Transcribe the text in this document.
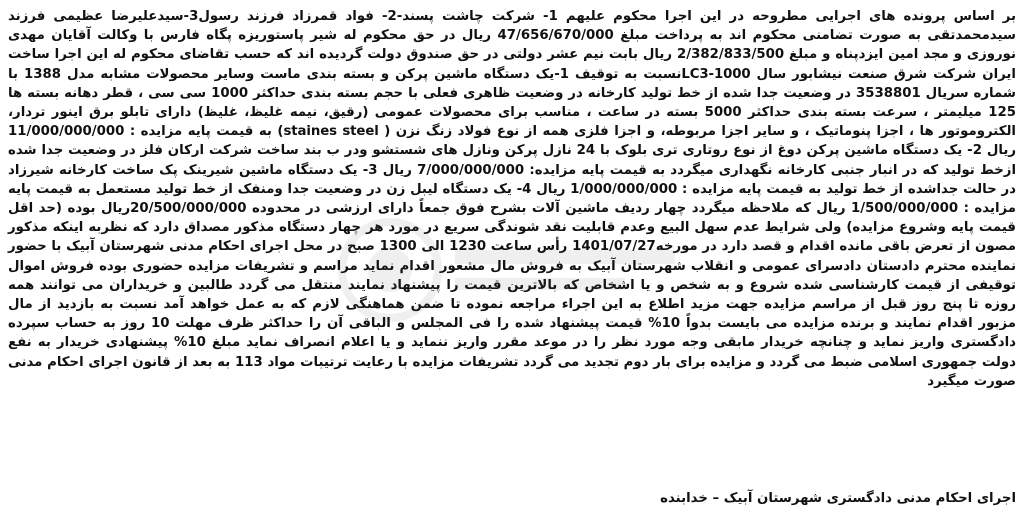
بر اساس پرونده های اجرایی مطروحه در این اجرا محکوم علیهم 1- شرکت چاشت پسند-2- فواد قمرزاد فرزند رسول3-سیدعلیرضا عظیمی فرزند سیدمحمدتقی به صورت تضامنی محکوم اند به پرداخت مبلغ 47/656/670/000 ریال در حق محکوم له شیر پاستوریزه پگاه فارس با وکالت آقایان مهدی نوروزی و مجد امین ایزدپناه و مبلغ 2/382/833/500 ریال بابت نیم عشر دولتی در حق صندوق دولت گردیده اند که حسب تقاضای محکوم له این اجرا ساخت ایران شرکت شرق صنعت نیشابور سال LC3-1000نسبت به توقیف 1-یک دستگاه ماشین پرکن و بسته بندی ماست وسایر محصولات مشابه مدل 1388 با شماره سریال 3538801 در وضعیت جدا شده از خط تولید کارخانه در وضعیت ظاهری فعلی با حجم بسته بندی حداکثر 1000 سی سی ، قطر دهانه بسته ها 125 میلیمتر ، سرعت بسته بندی حداکثر 5000 بسته در ساعت ، مناسب برای محصولات عمومی (رقیق، نیمه غلیظ، غلیظ) دارای تابلو برق اینور تردار، الکتروموتور ها ، اجزا پنوماتیک ، و سایر اجزا مربوطه، و اجزا فلزی همه از نوع فولاد زنگ نزن ( staines steel) به قیمت پایه مزایده : 11/000/000/000 ریال 2- یک دستگاه ماشین پرکن دوغ از نوع روتاری تری بلوک با 24 نازل پرکن ونازل های شستشو ودر ب بند ساخت شرکت ارکان فلز در وضعیت جدا شده ازخط تولید که در انبار جنبی کارخانه نگهداری میگردد به قیمت پایه مزایده: 7/000/000/000 ریال 3- یک دستگاه ماشین شیرینک پک ساخت کارخانه شیرزاد در حالت جداشده از خط تولید به قیمت پایه مزایده : 1/000/000/000 ریال 4- یک دستگاه لیبل زن در وضعیت جدا ومنفک از خط تولید مستعمل به قیمت پایه مزایده : 1/500/000/000 ریال که ملاحظه میگردد چهار ردیف ماشین آلات بشرح فوق جمعاً دارای ارزشی در محدوده 20/500/000/000ریال بوده (حد اقل قیمت پایه وشروع مزایده) ولی شرایط عدم سهل البیع وعدم قابلیت نقد شوندگی سریع در مورد هر چهار دستگاه مذکور مصداق دارد که نظربه اینکه مذکور مصون از تعرض باقی مانده اقدام و قصد دارد در مورخه1401/07/27 رأس ساعت 1230 الی 1300 صبح در محل اجرای احکام مدنی شهرستان آبیک با حضور نماینده محترم دادستان دادسرای عمومی و انقلاب شهرستان آبیک به فروش مال مشعور اقدام نماید مراسم و تشریفات مزایده حضوری بوده فروش اموال توقیفی از قیمت کارشناسی شده شروع و به شخص و یا اشخاص که بالاترین قیمت را پیشنهاد نمایند منتقل می گردد طالبین و خریداران می توانند همه روزه تا پنج روز قبل از مراسم مزایده جهت مزید اطلاع به این اجراء مراجعه نموده تا ضمن هماهنگی لازم که به عمل خواهد آمد نسبت به بازدید از مال مزبور اقدام نمایند و برنده مزایده می بایست بدواً 10% قیمت پیشنهاد شده را فی المجلس و الباقی آن را حداکثر ظرف مهلت 10 روز به حساب سپرده دادگستری واریز نماید و چنانچه خریدار مابقی وجه مورد نظر را در موعد مقرر واریز ننماید و یا اعلام انصراف نماید مبلغ 10% پیشنهادی خریدار به نفع دولت جمهوری اسلامی ضبط می گردد و مزایده برای بار دوم تجدید می گردد تشریفات مزایده با رعایت ترتیبات مواد 113 به بعد از قانون اجرای احکام مدنی صورت میگیرد

اجرای احکام مدنی دادگستری شهرستان آبیک – خدابنده
